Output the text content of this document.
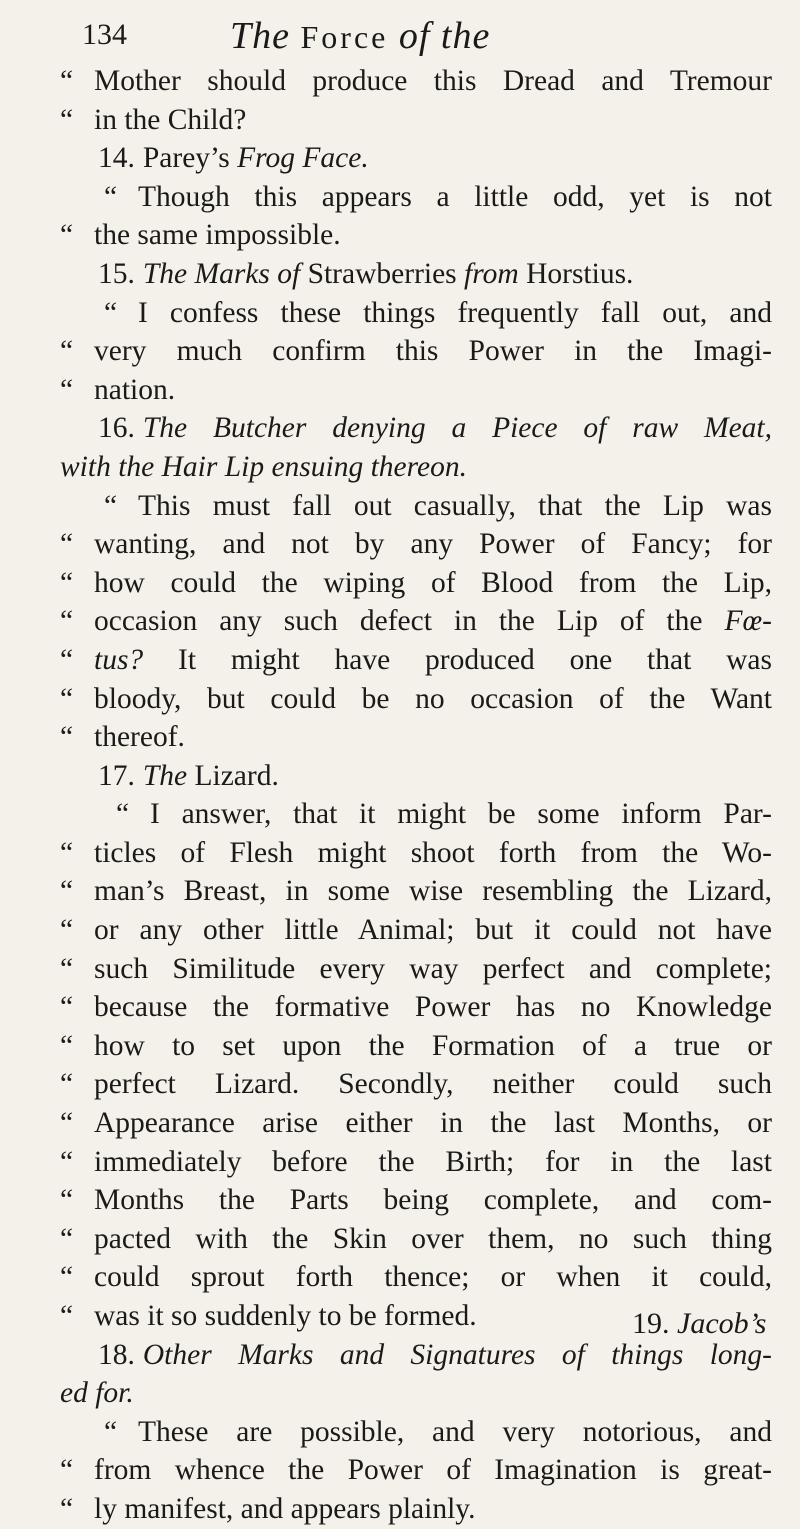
134	The Force of the
“ Mother should produce this Dread and Tremour
“ in the Child?
14. Parey’s Frog Face.
“ Though this appears a little odd, yet is not
“ the same impossible.
15. The Marks of Strawberries from Horstius.
“ I confess these things frequently fall out, and
“ very much confirm this Power in the Imagi-
“ nation.
16. The Butcher denying a Piece of raw Meat,
with the Hair Lip ensuing thereon.
“ This must fall out casually, that the Lip was
“ wanting, and not by any Power of Fancy; for
“ how could the wiping of Blood from the Lip,
“ occasion any such defect in the Lip of the Fœ-
“ tus? It might have produced one that was
“ bloody, but could be no occasion of the Want
“ thereof.
17. The Lizard.
“ I answer, that it might be some inform Par-
“ ticles of Flesh might shoot forth from the Wo-
“ man’s Breast, in some wise resembling the Lizard,
“ or any other little Animal; but it could not have
“ such Similitude every way perfect and complete;
“ because the formative Power has no Knowledge
“ how to set upon the Formation of a true or
“ perfect Lizard. Secondly, neither could such
“ Appearance arise either in the last Months, or
“ immediately before the Birth; for in the last
“ Months the Parts being complete, and com-
“ pacted with the Skin over them, no such thing
“ could sprout forth thence; or when it could,
“ was it so suddenly to be formed.
18. Other Marks and Signatures of things long-
ed for.
“ These are possible, and very notorious, and
“ from whence the Power of Imagination is great-
“ ly manifest, and appears plainly.
19. Jacob’s
